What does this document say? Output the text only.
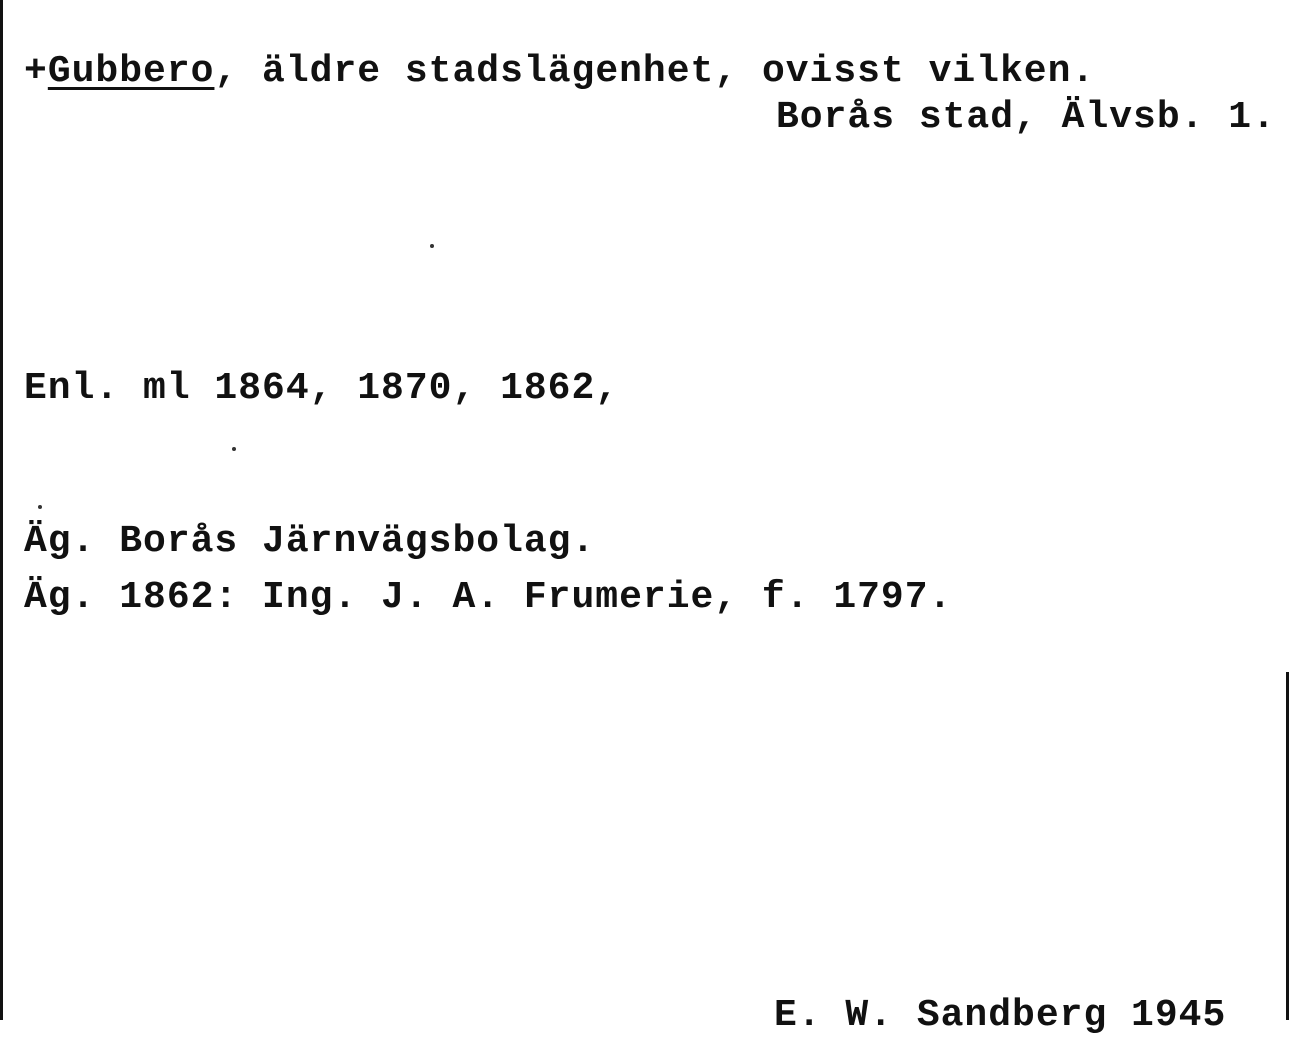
+Gubbero, äldre stadslägenhet, ovisst vilken.
Borås stad, Älvsb. 1.
Enl. ml 1864, 1870, 1862,
Äg. Borås Järnvägsbolag.
Äg. 1862: Ing. J. A. Frumerie, f. 1797.
E. W. Sandberg 1945
